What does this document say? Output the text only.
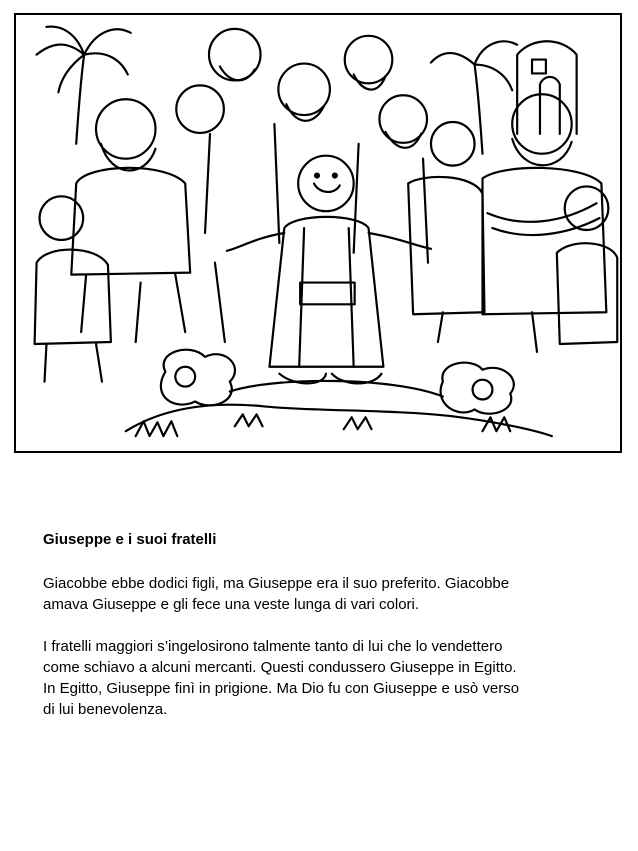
Giuseppe e i suoi fratelli
Giacobbe ebbe dodici figli, ma Giuseppe era il suo preferito. Giacobbe
amava Giuseppe e gli fece una veste lunga di vari colori.
I fratelli maggiori s’ingelosirono talmente tanto di lui che lo vendettero
come schiavo a alcuni mercanti. Questi condussero Giuseppe in Egitto.
In Egitto, Giuseppe finì in prigione. Ma Dio fu con Giuseppe e usò verso
di lui benevolenza.
